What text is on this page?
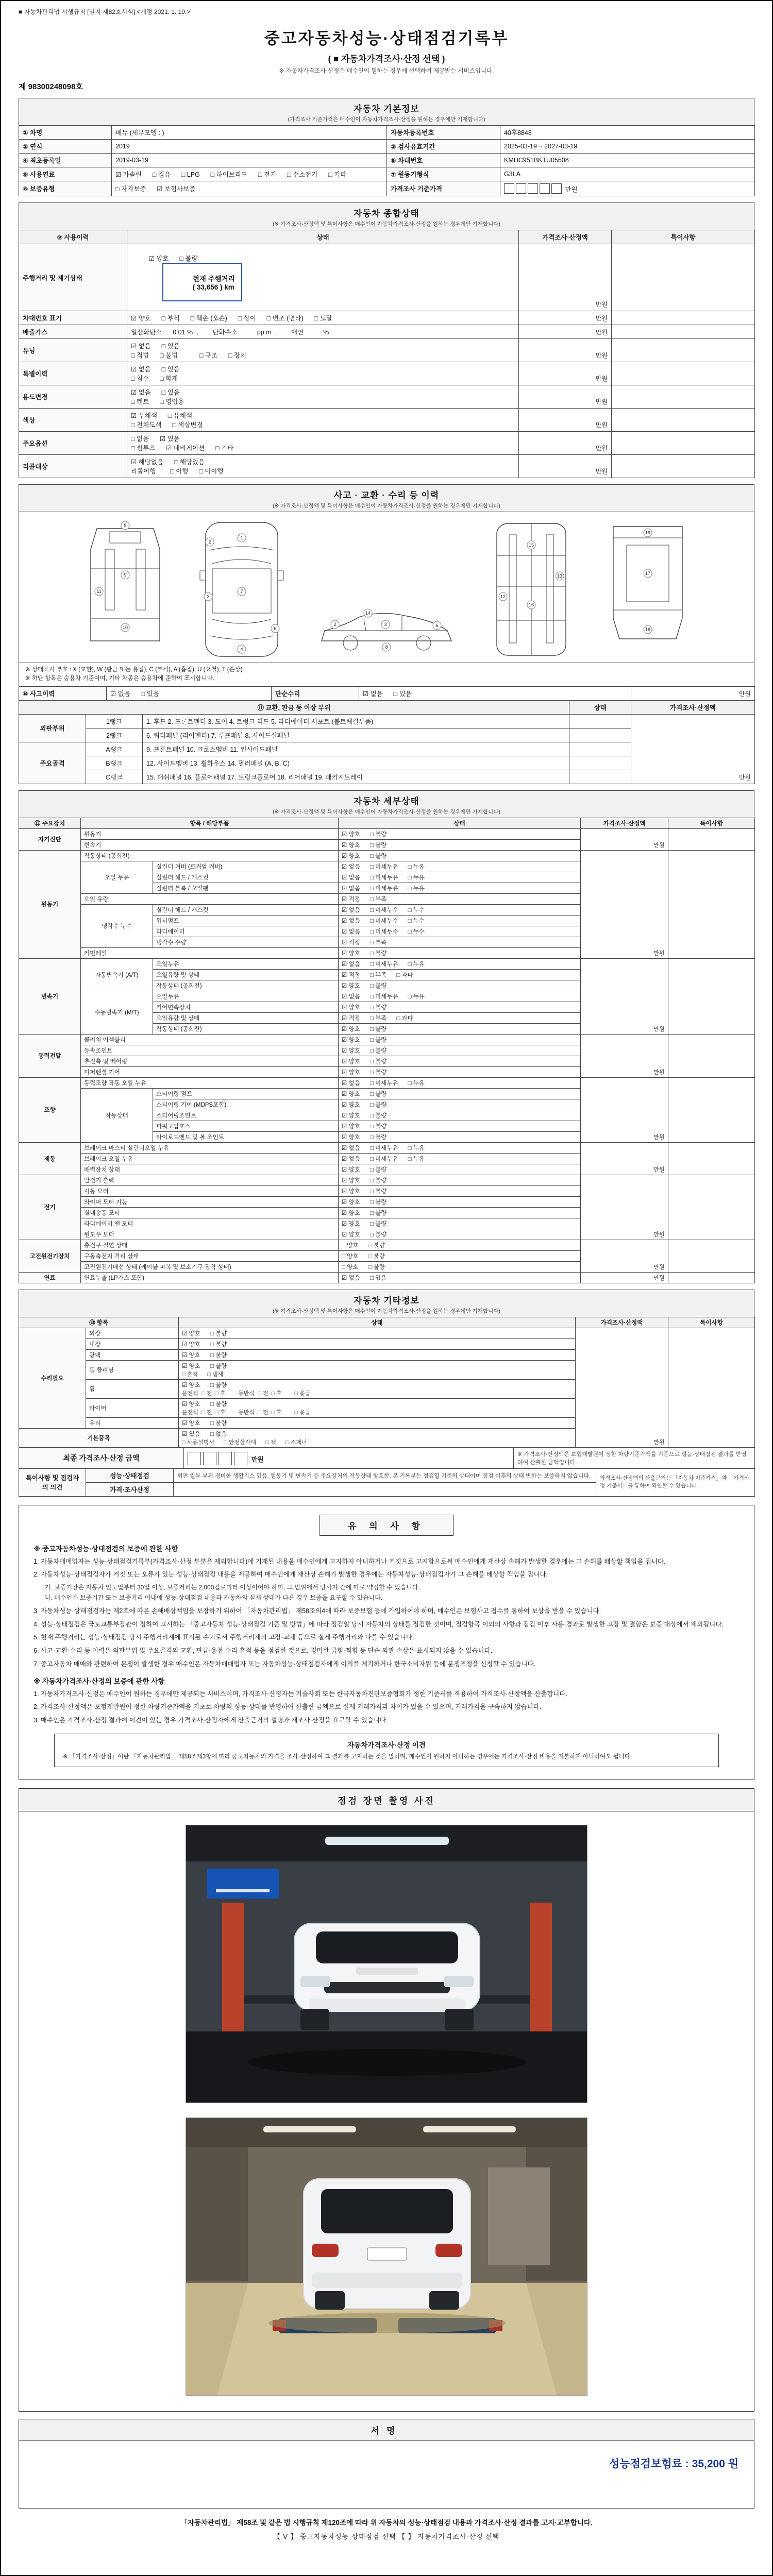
■ 자동차관리법 시행규칙 [별지 제82호서식] <개정 2021. 1. 19.>
중고자동차성능·상태점검기록부
( ■ 자동차가격조사·산정 선택 )
※ 자동차가격조사·산정은 매수인이 원하는 경우에 선택하여 제공받는 서비스입니다.
제 98300248098호
자동차 기본정보
(가격조사 기준가격은 매수인이 자동차가격조사·산정을 원하는 경우에만 기재합니다)
① 차명	베뉴 (세부모델 : )	자동차등록번호	40후8848
② 연식	2019	③ 검사유효기간	2025-03-19 ~ 2027-03-19
④ 최초등록일	2019-03-19	⑤ 차대번호	KMHC951BKTU05508
⑥ 사용연료	☑ 가솔린      □ 경유      □ LPG      □ 하이브리드      □ 전기      □ 수소전기      □ 기타	⑦ 원동기형식	G3LA
⑧ 보증유형	□ 자가보증      ☑ 보험사보증	가격조사 기준가격	만원
자동차 종합상태
(※ 가격조사·산정액 및 특이사항은 매수인이 자동차가격조사·산정을 원하는 경우에만 기재합니다)
⑨ 사용이력	상태	가격조사·산정액	특이사항
주행거리 및 계기상태	☑ 양호      □ 불량

현재 주행거리
( 33,656 ) km	만원	
차대번호 표기	☑ 양호      □ 부식      □ 훼손 (오손)      □ 상이      □ 변조 (변타)      □ 도말	만원	
배출가스	일산화탄소      0.01 %  ,        탄화수소           pp m  ,        매연           %	만원	
튜닝	☑ 없음      □ 있음
□ 적법      □ 불법            □ 구조      □ 장치	만원	
특별이력	☑ 없음      □ 있음
□ 침수      □ 화재	만원	
용도변경	☑ 없음      □ 있음
□ 렌트      □ 영업용	만원	
색상	☑ 무채색      □ 유채색
□ 전체도색      □ 색상변경	만원	
주요옵션	□ 없음      ☑ 있음
□ 썬루프      ☑ 네비게이션      □ 기타	만원	
리콜대상	☑ 해당없음      □ 해당있음
리콜이행        □ 이행      □ 미이행	만원	
사고 · 교환 · 수리 등 이력
(※ 가격조사·산정액 및 특이사항은 매수인이 자동차가격조사·산정을 원하는 경우에만 기재합니다)
5
9
11
10
1
2
7
3
6
4
2	3	6
8
14
15
12
13
16
19
17
18
※ 상태표시 부호 : X (교환), W (판금 또는 용접), C (부식), A (흠집), U (요철), T (손상)
※ 하단 항목은 승용차 기준이며, 기타 차종은 승용차에 준하여 표시합니다.
⑩ 사고이력	☑ 없음      □ 있음	단순수리	☑ 없음      □ 있음	만원
⑪ 교환, 판금 등 이상 부위			상태	가격조사·산정액
외판부위	1랭크	1. 후드 2. 프론트펜더 3. 도어 4. 트렁크 리드 5. 라디에이터 서포트 (볼트체결부품)		만원
	2랭크	6. 쿼터패널 (리어펜더) 7. 루프패널 8. 사이드실패널		
주요골격	A랭크	9. 프론트패널 10. 크로스멤버 11. 인사이드패널		
	B랭크	12. 사이드멤버 13. 휠하우스 14. 필러패널 (A, B, C)		
	C랭크	15. 대쉬패널 16. 플로어패널 17. 트렁크플로어 18. 리어패널 19. 패키지트레이		
자동차 세부상태
(※ 가격조사·산정액 및 특이사항은 매수인이 자동차가격조사·산정을 원하는 경우에만 기재합니다)
⑫ 주요장치	항목 / 해당부품		상태	가격조사·산정액	특이사항
자기진단	원동기		☑ 양호      □ 불량	만원	
	변속기		☑ 양호      □ 불량		
원동기	작동상태 (공회전)		☑ 양호      □ 불량	만원	
	오일 누유	실린더 커버 (로커암 커버)	☑ 없음      □ 미세누유      □ 누유		
		실린더 헤드 / 개스킷	☑ 없음      □ 미세누유      □ 누유		
		실린더 블록 / 오일팬	☑ 없음      □ 미세누유      □ 누유		
	오일 유량		☑ 적정      □ 부족		
	냉각수 누수	실린더 헤드 / 개스킷	☑ 없음      □ 미세누수      □ 누수		
		워터펌프	☑ 없음      □ 미세누수      □ 누수		
		라디에이터	☑ 없음      □ 미세누수      □ 누수		
		냉각수 수량	☑ 적정      □ 부족		
	커먼레일		☑ 양호      □ 불량		
변속기	자동변속기 (A/T)	오일누유	☑ 없음      □ 미세누유      □ 누유	만원	
		오일유량 및 상태	☑ 적정      □ 부족      □ 과다		
		작동상태 (공회전)	☑ 양호      □ 불량		
	수동변속기 (M/T)	오일누유	☑ 없음      □ 미세누유      □ 누유		
		기어변속장치	☑ 양호      □ 불량		
		오일유량 및 상태	☑ 적정      □ 부족      □ 과다		
		작동상태 (공회전)	☑ 양호      □ 불량		
동력전달	클러치 어셈블리		☑ 양호      □ 불량	만원	
	등속조인트		☑ 양호      □ 불량		
	추진축 및 베어링		☑ 양호      □ 불량		
	디퍼렌셜 기어		☑ 양호      □ 불량		
조향	동력조향 작동 오일 누유		☑ 없음      □ 미세누유      □ 누유	만원	
	작동상태	스티어링 펌프	☑ 양호      □ 불량		
		스티어링 기어 (MDPS포함)	☑ 양호      □ 불량		
		스티어링조인트	☑ 양호      □ 불량		
		파워고압호스	☑ 양호      □ 불량		
		타이로드엔드 및 볼 조인트	☑ 양호      □ 불량		
제동	브레이크 마스터 실린더오일 누유		☑ 없음      □ 미세누유      □ 누유	만원	
	브레이크 오일 누유		☑ 없음      □ 미세누유      □ 누유		
	배력장치 상태		☑ 양호      □ 불량		
전기	발전기 출력		☑ 양호      □ 불량	만원	
	시동 모터		☑ 양호      □ 불량		
	와이퍼 모터 기능		☑ 양호      □ 불량		
	실내송풍 모터		☑ 양호      □ 불량		
	라디에이터 팬 모터		☑ 양호      □ 불량		
	윈도우 모터		☑ 양호      □ 불량		
고전원전기장치	충전구 절연 상태		□ 양호      □ 불량	만원	
	구동축전지 격리 상태		□ 양호      □ 불량		
	고전원전기배선 상태 (케이블 피복 및 보호기구 장착 상태)		□ 양호      □ 불량		
연료	연료누출 (LP가스 포함)		☑ 없음      □ 있음	만원	
자동차 기타정보
(※ 가격조사·산정액 및 특이사항은 매수인이 자동차가격조사·산정을 원하는 경우에만 기재합니다)
⑬ 항목		상태	가격조사·산정액	특이사항
수리필요	외장	☑ 양호      □ 불량	만원	
	내장	☑ 양호      □ 불량		
	광택	☑ 양호      □ 불량		
	룸 클리닝	☑ 양호      □ 불량
□ 흔적      □ 냄새		
	휠	☑ 양호      □ 불량
운전석  □ 전  □ 후        동반석  □ 전  □ 후        □ 응급		
	타이어	☑ 양호      □ 불량
운전석  □ 전  □ 후        동반석  □ 전  □ 후        □ 응급		
	유리	☑ 양호      □ 불량		
기본품목		☑ 있음      □ 없음
□ 사용설명서      □ 안전삼각대      □ 잭      □ 스패너		
최종 가격조사·산정 금액	만원	※ 가격조사·산정액은 보험개발원이 정한 차량기준가액을 기준으로 성능·상태점검 결과를 반영하여 산출한 금액입니다.
특이사항 및 점검자의 의견	성능·상태점검	외판 일부 부위 경미한 생활기스 있음. 원동기 및 변속기 등 주요장치의 작동상태 양호함. 본 기록부는 점검일 기준의 상태이며 점검 이후의 상태 변화는 보증하지 않습니다.	가격조사·산정액의 산출근거는 「자동차 기준가격」과 「가격산정 기준서」를 통하여 확인할 수 있습니다.
	가격·조사산정		
유 의 사 항
※ 중고자동차성능·상태점검의 보증에 관한 사항
1. 자동차매매업자는 성능·상태점검기록부(가격조사·산정 부분은 제외합니다)에 기재된 내용을 매수인에게 고지하지 아니하거나 거짓으로 고지함으로써 매수인에게 재산상 손해가 발생한 경우에는 그 손해를 배상할 책임을 집니다.
2. 자동차성능·상태점검자가 거짓 또는 오류가 있는 성능·상태점검 내용을 제공하여 매수인에게 재산상 손해가 발생한 경우에는 자동차성능·상태점검자가 그 손해를 배상할 책임을 집니다.
가. 보증기간은 자동차 인도일부터 30일 이상, 보증거리는 2,000킬로미터 이상이어야 하며, 그 범위에서 당사자 간에 따로 약정할 수 있습니다.
나. 매수인은 보증기간 또는 보증거리 이내에 성능·상태점검 내용과 자동차의 실제 상태가 다른 경우 보증을 요구할 수 있습니다.
3. 자동차성능·상태점검자는 제2호에 따른 손해배상책임을 보장하기 위하여 「자동차관리법」 제58조의4에 따라 보증보험 등에 가입하여야 하며, 매수인은 보험사고 접수를 통하여 보상을 받을 수 있습니다.
4. 성능·상태점검은 국토교통부장관이 정하여 고시하는 「중고자동차 성능·상태점검 기준 및 방법」에 따라 점검일 당시 자동차의 상태를 점검한 것이며, 점검항목 이외의 사항과 점검 이후 사용·경과로 발생한 고장 및 결함은 보증 대상에서 제외됩니다.
5. 현재 주행거리는 성능·상태점검 당시 주행거리계에 표시된 수치로서 주행거리계의 고장·교체 등으로 실제 주행거리와 다를 수 있습니다.
6. 사고·교환·수리 등 이력은 외판부위 및 주요골격의 교환, 판금·용접 수리 흔적 등을 점검한 것으로, 경미한 긁힘·찍힘 등 단순 외관 손상은 표시되지 않을 수 있습니다.
7. 중고자동차 매매와 관련하여 분쟁이 발생한 경우 매수인은 자동차매매업자 또는 자동차성능·상태점검자에게 이의를 제기하거나 한국소비자원 등에 분쟁조정을 신청할 수 있습니다.
※ 자동차가격조사·산정의 보증에 관한 사항
1. 자동차가격조사·산정은 매수인이 원하는 경우에만 제공되는 서비스이며, 가격조사·산정자는 기술사회 또는 한국자동차진단보증협회가 정한 기준서를 적용하여 가격조사·산정액을 산출합니다.
2. 가격조사·산정액은 보험개발원이 정한 차량기준가액을 기초로 차량의 성능·상태를 반영하여 산출한 금액으로 실제 거래가격과 차이가 있을 수 있으며, 거래가격을 구속하지 않습니다.
3. 매수인은 가격조사·산정 결과에 이견이 있는 경우 가격조사·산정자에게 산출근거의 설명과 재조사·산정을 요구할 수 있습니다.
자동차가격조사·산정 이견
※ 「가격조사·산정」이란 「자동차관리법」 제58조제3항에 따라 중고자동차의 가격을 조사·산정하여 그 결과를 고지하는 것을 말하며, 매수인이 원하지 아니하는 경우에는 가격조사·산정 비용을 지불하지 아니하여도 됩니다.
점검 장면 촬영 사진
서명
성능점검보험료 : 35,200 원
「자동차관리법」 제58조 및 같은 법 시행규칙 제120조에 따라 위 자동차의 성능·상태점검 내용과 가격조사·산정 결과를 고지·교부합니다.
【 V 】 중고자동차성능·상태점검 선택 【 】 자동차가격조사·산정 선택
